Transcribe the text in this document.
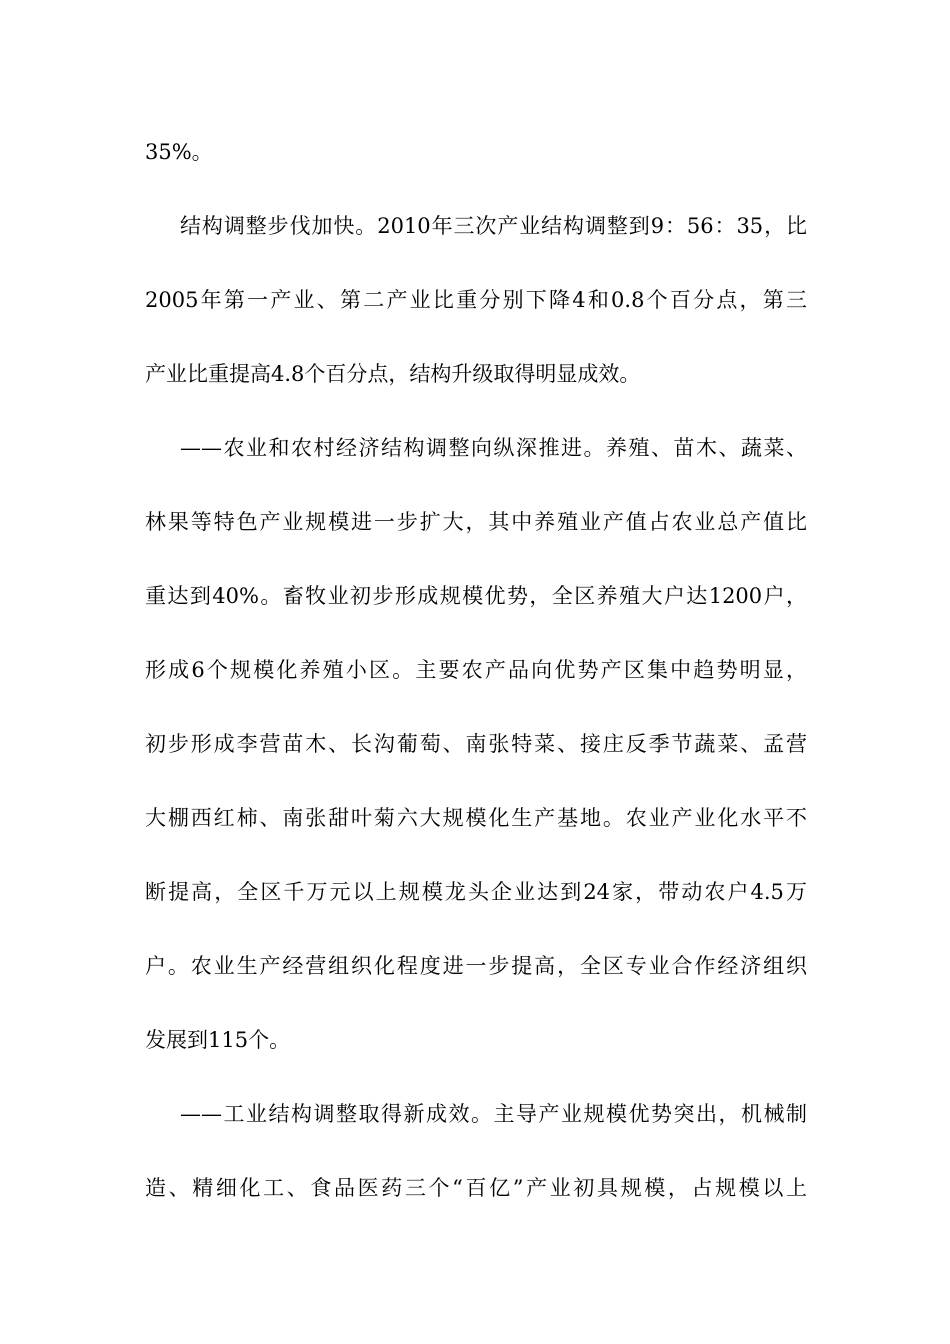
35%。
结构调整步伐加快。2010年三次产业结构调整到9：56：35，比
2005年第一产业、第二产业比重分别下降4和0.8个百分点，第三
产业比重提高4.8个百分点，结构升级取得明显成效。
——农业和农村经济结构调整向纵深推进。养殖、苗木、蔬菜、
林果等特色产业规模进一步扩大，其中养殖业产值占农业总产值比
重达到40%。畜牧业初步形成规模优势，全区养殖大户达1200户，
形成6个规模化养殖小区。主要农产品向优势产区集中趋势明显，
初步形成李营苗木、长沟葡萄、南张特菜、接庄反季节蔬菜、孟营
大棚西红柿、南张甜叶菊六大规模化生产基地。农业产业化水平不
断提高，全区千万元以上规模龙头企业达到24家，带动农户4.5万
户。农业生产经营组织化程度进一步提高，全区专业合作经济组织
发展到115个。
——工业结构调整取得新成效。主导产业规模优势突出，机械制
造、精细化工、食品医药三个“百亿”产业初具规模，占规模以上
